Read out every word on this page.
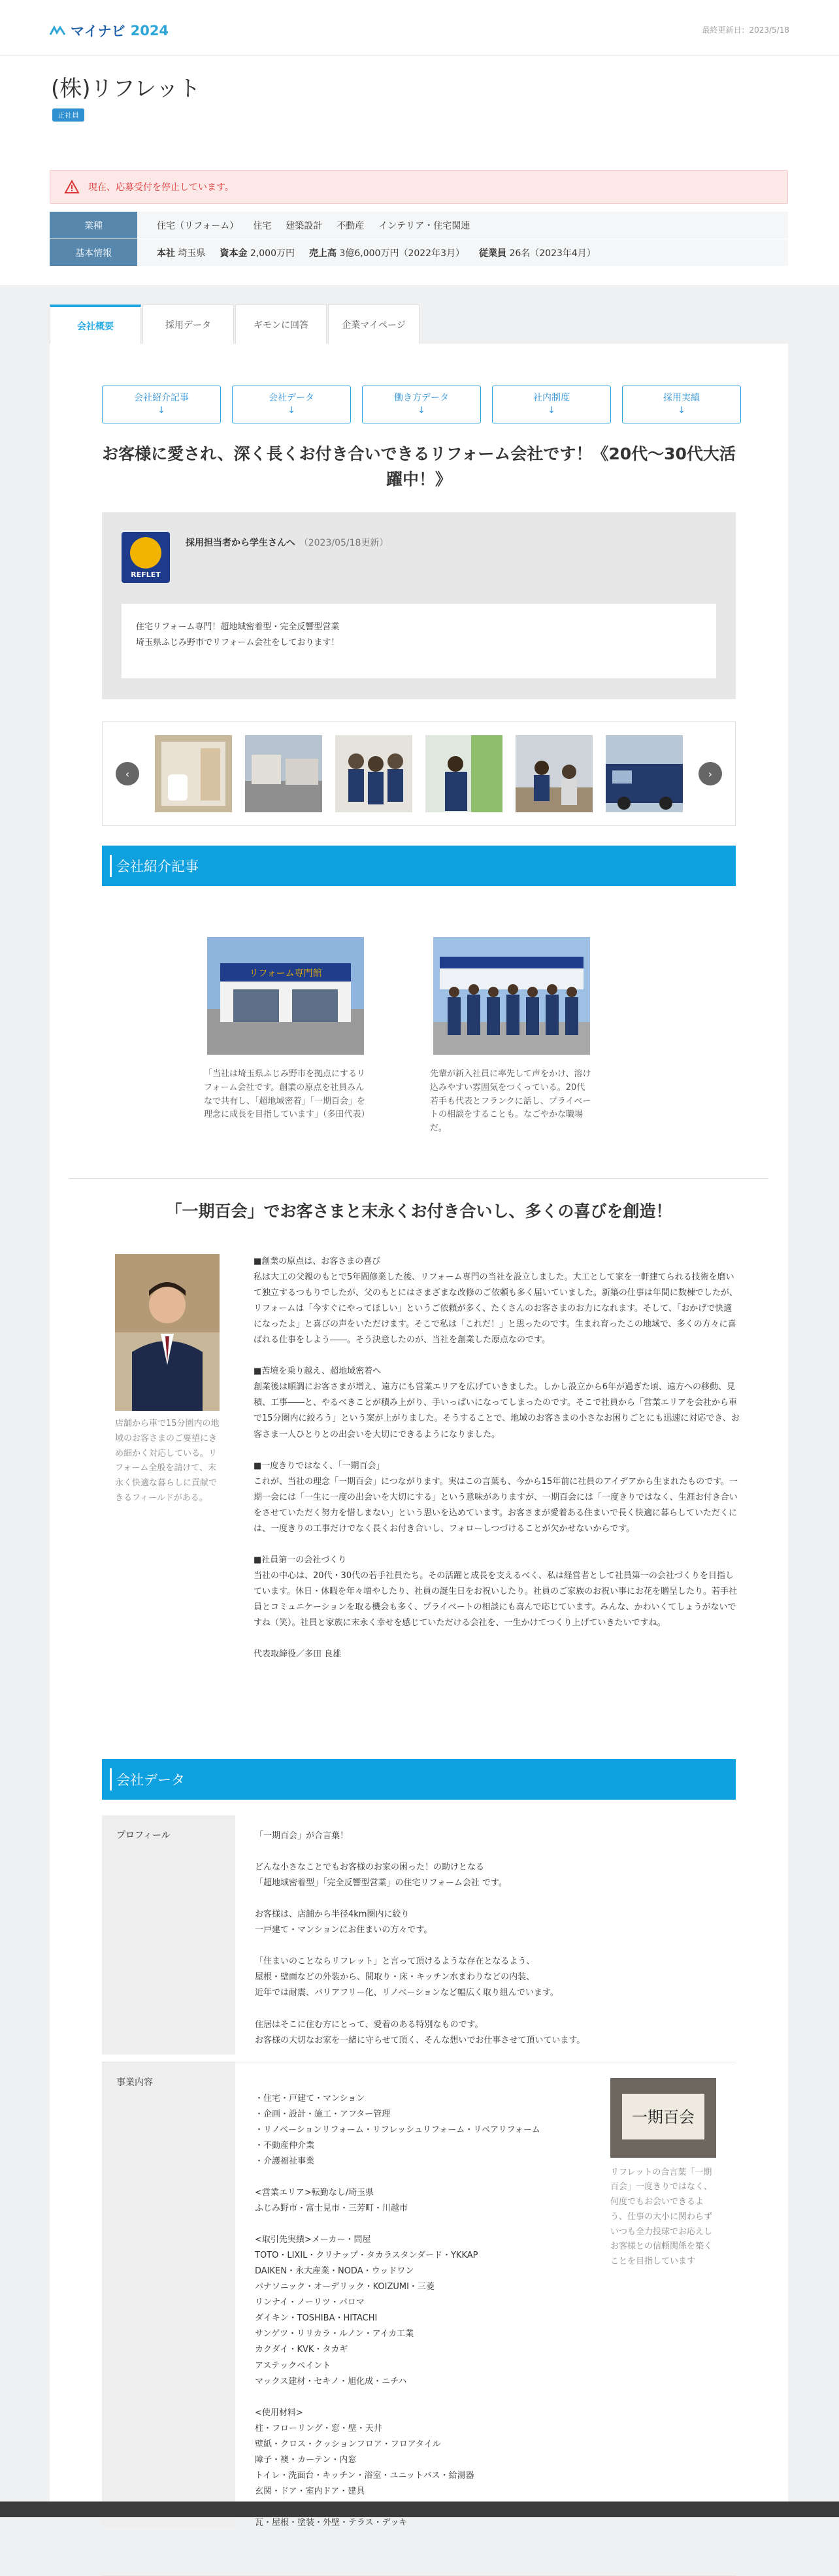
マイナビ 2024	最終更新日：2023/5/18
(株)リフレット
正社員
現在、応募受付を停止しています。
業種	住宅（リフォーム） 住宅 建築設計 不動産 インテリア・住宅関連
基本情報	本社 埼玉県 資本金 2,000万円 売上高 3億6,000万円（2022年3月） 従業員 26名（2023年4月）
会社概要	採用データ	ギモンに回答	企業マイページ
会社紹介記事
↓
会社データ
↓
働き方データ
↓
社内制度
↓
採用実績
↓
お客様に愛され、深く長くお付き合いできるリフォーム会社です！《20代〜30代大活躍中！》
REFLET
採用担当者から学生さんへ （2023/05/18更新）
住宅リフォーム専門！超地域密着型・完全反響型営業
埼玉県ふじみ野市でリフォーム会社をしております！
‹	›
会社紹介記事
リフォーム専門館
「当社は埼玉県ふじみ野市を拠点にするリフォーム会社です。創業の原点を社員みんなで共有し、「超地域密着」「一期百会」を理念に成長を目指しています」（多田代表）
先輩が新入社員に率先して声をかけ、溶け込みやすい雰囲気をつくっている。20代若手も代表とフランクに話し、プライベートの相談をすることも。なごやかな職場だ。
「一期百会」でお客さまと末永くお付き合いし、多くの喜びを創造！
店舗から車で15分圏内の地域のお客さまのご要望にきめ細かく対応している。リフォーム全般を請けて、末永く快適な暮らしに貢献できるフィールドがある。
■創業の原点は、お客さまの喜び
私は大工の父親のもとで5年間修業した後、リフォーム専門の当社を設立しました。大工として家を一軒建てられる技術を磨いて独立するつもりでしたが、父のもとにはさまざまな改修のご依頼も多く届いていました。新築の仕事は年間に数棟でしたが、リフォームは「今すぐにやってほしい」というご依頼が多く、たくさんのお客さまのお力になれます。そして、「おかげで快適になったよ」と喜びの声をいただけます。そこで私は「これだ！」と思ったのです。生まれ育ったこの地域で、多くの方々に喜ばれる仕事をしよう――。そう決意したのが、当社を創業した原点なのです。

■苦境を乗り越え、超地域密着へ
創業後は順調にお客さまが増え、遠方にも営業エリアを広げていきました。しかし設立から6年が過ぎた頃、遠方への移動、見積、工事――と、やるべきことが積み上がり、手いっぱいになってしまったのです。そこで社員から「営業エリアを会社から車で15分圏内に絞ろう」という案が上がりました。そうすることで、地域のお客さまの小さなお困りごとにも迅速に対応でき、お客さま一人ひとりとの出会いを大切にできるようになりました。

■一度きりではなく、「一期百会」
これが、当社の理念「一期百会」につながります。実はこの言葉も、今から15年前に社員のアイデアから生まれたものです。一期一会には「一生に一度の出会いを大切にする」という意味がありますが、一期百会には「一度きりではなく、生涯お付き合いをさせていただく努力を惜しまない」という思いを込めています。お客さまが愛着ある住まいで長く快適に暮らしていただくには、一度きりの工事だけでなく長くお付き合いし、フォローしつづけることが欠かせないからです。

■社員第一の会社づくり
当社の中心は、20代・30代の若手社員たち。その活躍と成長を支えるべく、私は経営者として社員第一の会社づくりを目指しています。休日・休暇を年々増やしたり、社員の誕生日をお祝いしたり。社員のご家族のお祝い事にお花を贈呈したり。若手社員とコミュニケーションを取る機会も多く、プライベートの相談にも喜んで応じています。みんな、かわいくてしょうがないですね（笑）。社員と家族に末永く幸せを感じていただける会社を、一生かけてつくり上げていきたいですね。

代表取締役／多田 良雄
会社データ
プロフィール	「一期百会」が合言葉！

どんな小さなことでもお客様のお家の困った！の助けとなる
「超地域密着型」「完全反響型営業」の住宅リフォーム会社 です。

お客様は、店舗から半径4km圏内に絞り
一戸建て・マンションにお住まいの方々です。

「住まいのことならリフレット」と言って頂けるような存在となるよう、
屋根・壁面などの外装から、間取り・床・キッチン水まわりなどの内装、
近年では耐震、バリアフリー化、リノベーションなど幅広く取り組んでいます。

住居はそこに住む方にとって、愛着のある特別なものです。
お客様の大切なお家を一緒に守らせて頂く、そんな想いでお仕事させて頂いています。
事業内容

・住宅・戸建て・マンション
・企画・設計・施工・アフター管理
・リノベーションリフォーム・リフレッシュリフォーム・リペアリフォーム
・不動産仲介業
・介護福祉事業

<営業エリア>転勤なし/埼玉県
ふじみ野市・富士見市・三芳町・川越市

<取引先実績>メーカー・問屋
TOTO・LIXIL・クリナップ・タカラスタンダード・YKKAP
DAIKEN・永大産業・NODA・ウッドワン
パナソニック・オーデリック・KOIZUMI・三菱
リンナイ・ノーリツ・パロマ
ダイキン・TOSHIBA・HITACHI
サンゲツ・リリカラ・ルノン・アイカ工業
カクダイ・KVK・タカギ
アステックペイント
マックス建材・セキノ・旭化成・ニチハ

<使用材料>
柱・フローリング・窓・壁・天井
壁紙・クロス・クッションフロア・フロアタイル
障子・襖・カーテン・内窓
トイレ・洗面台・キッチン・浴室・ユニットバス・給湯器
玄関・ドア・室内ドア・建具

瓦・屋根・塗装・外壁・テラス・デッキ

一期百会

リフレットの合言葉「一期百会」一度きりではなく、何度でもお会いできるよう、仕事の大小に関わらずいつも全力投球でお応えしお客様との信頼関係を築くことを目指しています
